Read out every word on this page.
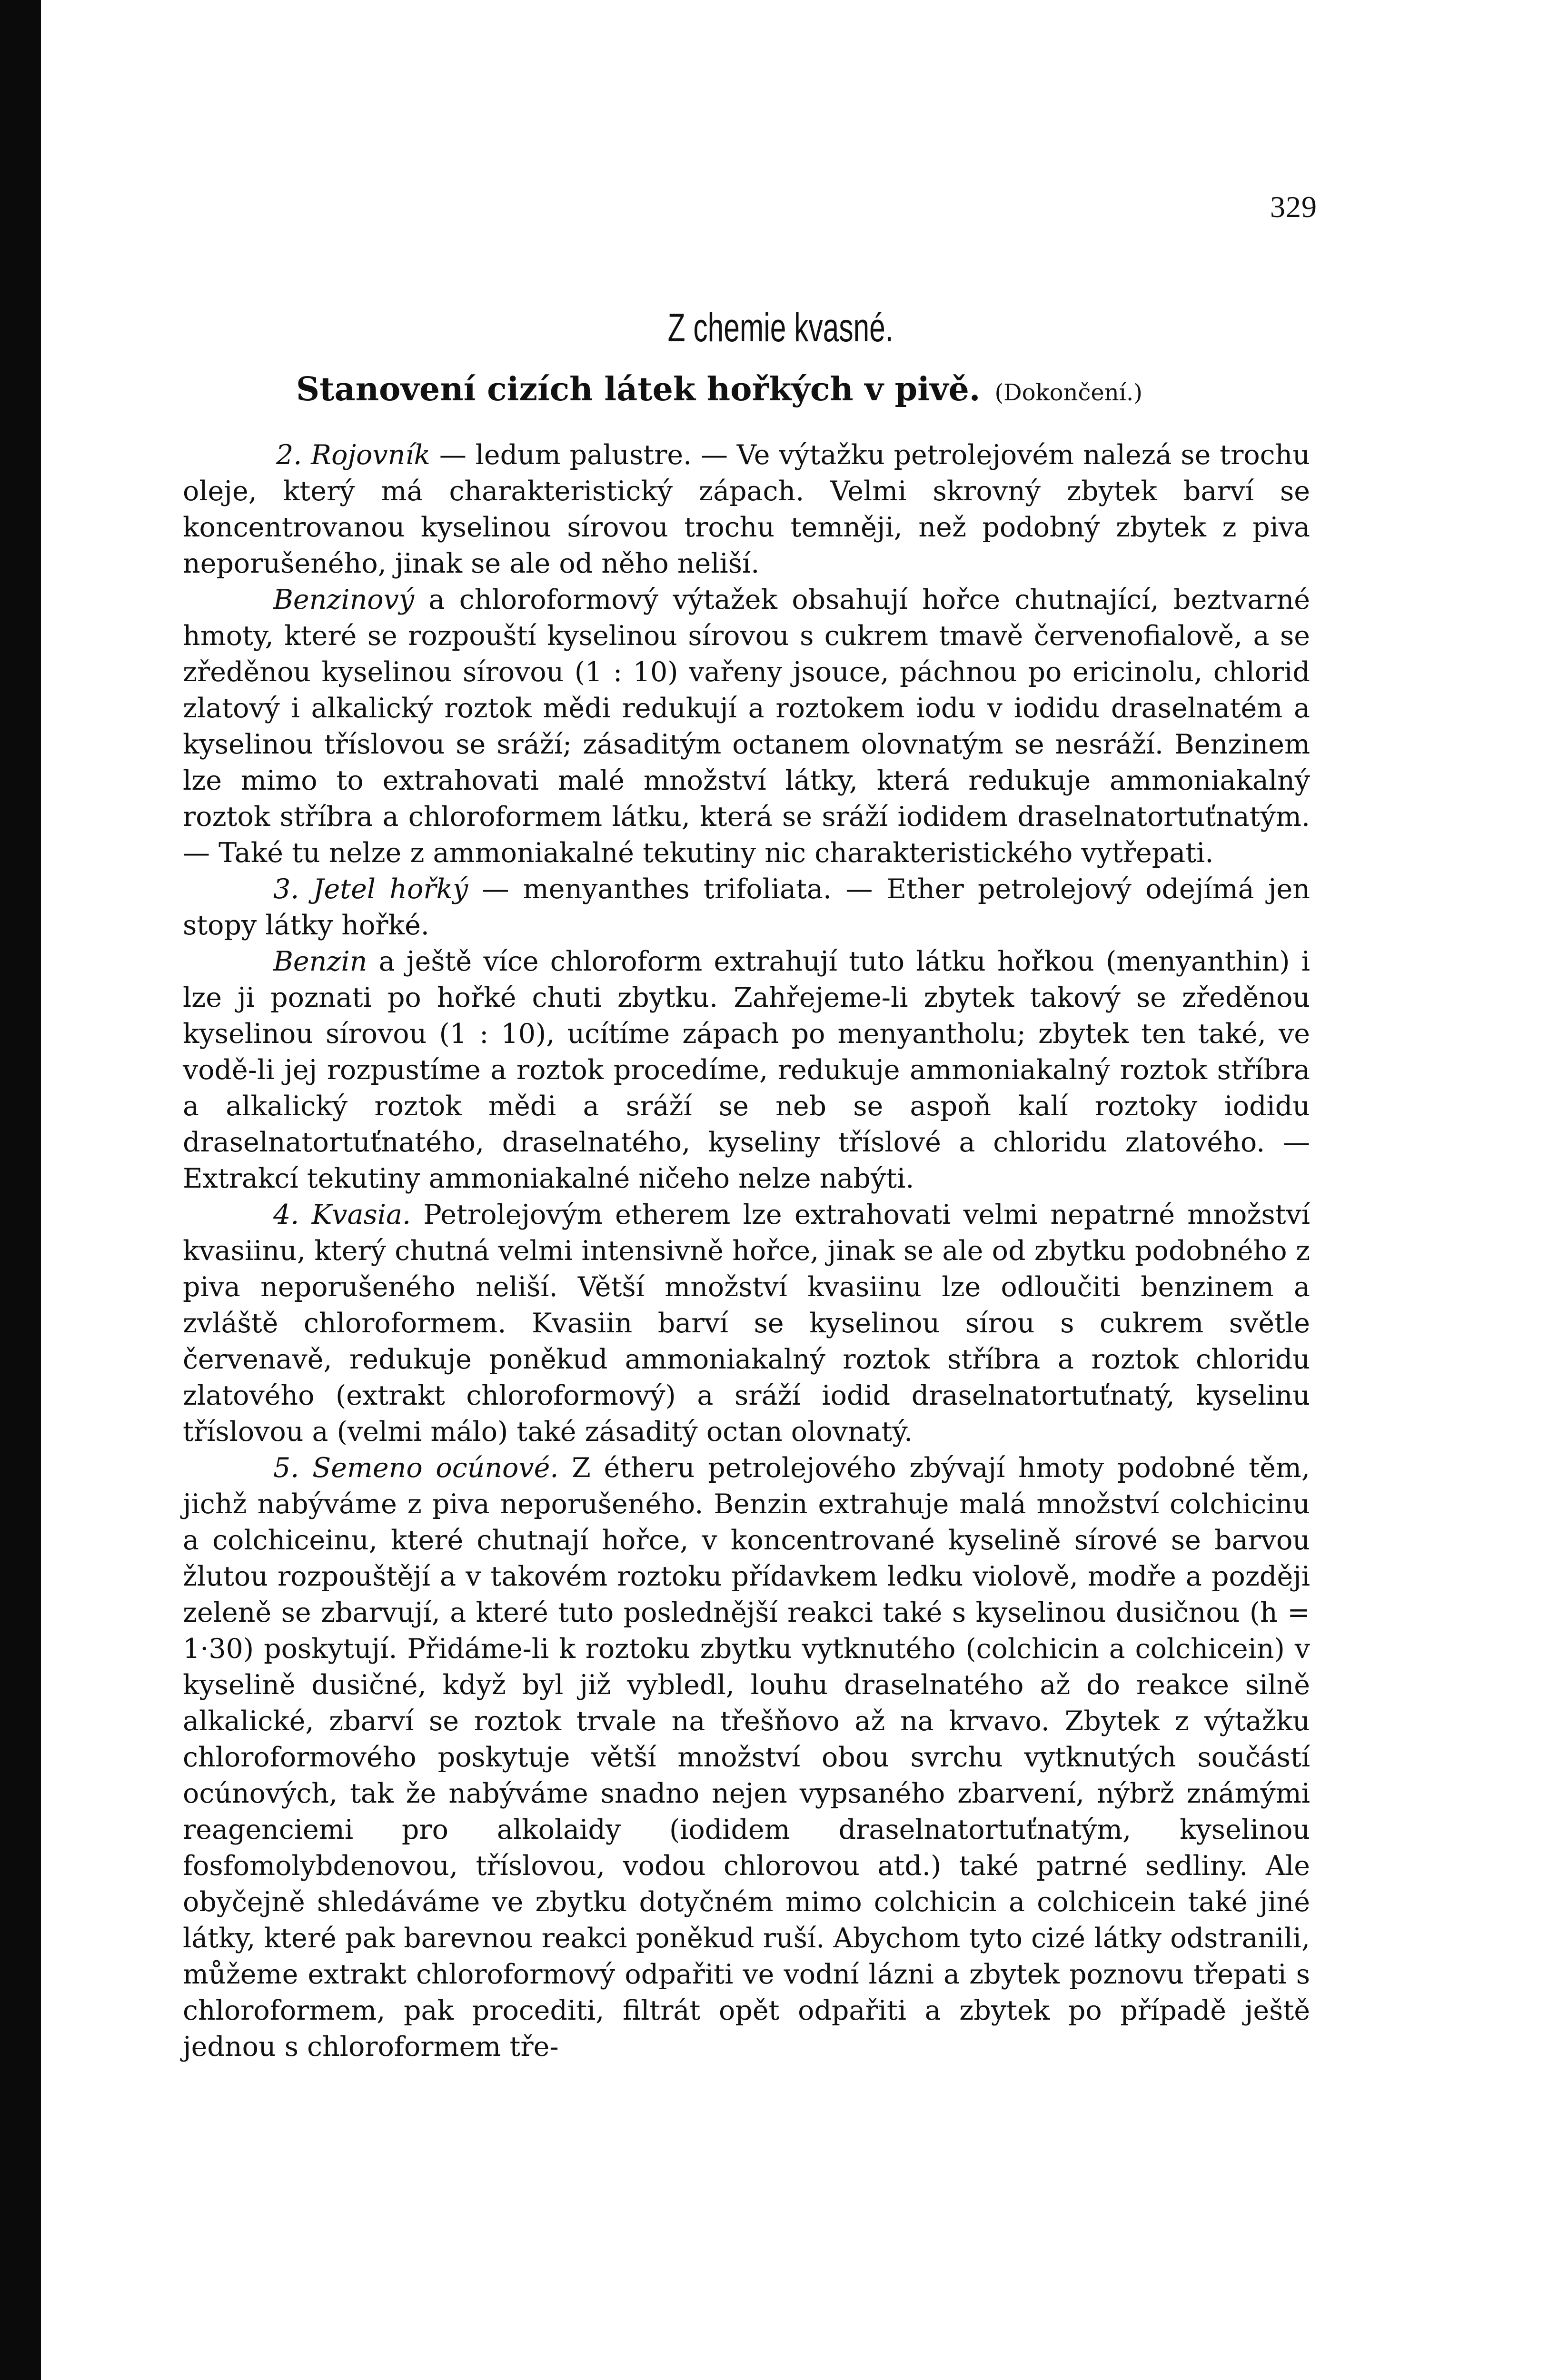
329
Z chemie kvasné.
Stanovení cizích látek hořkých v pivě. (Dokončení.)

2. Rojovník — ledum palustre. — Ve výtažku petrolejovém nalezá se trochu oleje, který má charakteristický zápach. Velmi skrovný zbytek barví se koncentrovanou kyselinou sírovou trochu temněji, než podobný zbytek z piva neporušeného, jinak se ale od něho neliší.

Benzinový a chloroformový výtažek obsahují hořce chutnající, beztvarné hmoty, které se rozpouští kyselinou sírovou s cukrem tmavě červenofialově, a se zředěnou kyselinou sírovou (1 : 10) vařeny jsouce, páchnou po ericinolu, chlorid zlatový i alkalický roztok mědi redukují a roztokem iodu v iodidu draselnatém a kyselinou tříslovou se sráží; zásaditým octanem olovnatým se nesráží. Benzinem lze mimo to extrahovati malé množství látky, která redukuje ammoniakalný roztok stříbra a chloroformem látku, která se sráží iodidem draselnatortuťnatým. — Také tu nelze z ammoniakalné tekutiny nic charakteristického vytřepati.

3. Jetel hořký — menyanthes trifoliata. — Ether petrolejový odejímá jen stopy látky hořké.

Benzin a ještě více chloroform extrahují tuto látku hořkou (menyanthin) i lze ji poznati po hořké chuti zbytku. Zahřejeme-li zbytek takový se zředěnou kyselinou sírovou (1 : 10), ucítíme zápach po menyantholu; zbytek ten také, ve vodě-li jej rozpustíme a roztok procedíme, redukuje ammoniakalný roztok stříbra a alkalický roztok mědi a sráží se neb se aspoň kalí roztoky iodidu draselnatortuťnatého, draselnatého, kyseliny tříslové a chloridu zlatového. — Extrakcí tekutiny ammoniakalné ničeho nelze nabýti.

4. Kvasia. Petrolejovým etherem lze extrahovati velmi nepatrné množství kvasiinu, který chutná velmi intensivně hořce, jinak se ale od zbytku podobného z piva neporušeného neliší. Větší množství kvasiinu lze odloučiti benzinem a zvláště chloroformem. Kvasiin barví se kyselinou sírou s cukrem světle červenavě, redukuje poněkud ammoniakalný roztok stříbra a roztok chloridu zlatového (extrakt chloroformový) a sráží iodid draselnatortuťnatý, kyselinu tříslovou a (velmi málo) také zásaditý octan olovnatý.

5. Semeno ocúnové. Z étheru petrolejového zbývají hmoty podobné těm, jichž nabýváme z piva neporušeného. Benzin extrahuje malá množství colchicinu a colchiceinu, které chutnají hořce, v koncentrované kyselině sírové se barvou žlutou rozpouštějí a v takovém roztoku přídavkem ledku violově, modře a později zeleně se zbarvují, a které tuto poslednější reakci také s kyselinou dusičnou (h = 1·30) poskytují. Přidáme-li k roztoku zbytku vytknutého (colchicin a colchicein) v kyselině dusičné, když byl již vybledl, louhu draselnatého až do reakce silně alkalické, zbarví se roztok trvale na třešňovo až na krvavo. Zbytek z výtažku chloroformového poskytuje větší množství obou svrchu vytknutých součástí ocúnových, tak že nabýváme snadno nejen vypsaného zbarvení, nýbrž známými reagenciemi pro alkolaidy (iodidem draselnatortuťnatým, kyselinou fosfomolybdenovou, tříslovou, vodou chlorovou atd.) také patrné sedliny. Ale obyčejně shledáváme ve zbytku dotyčném mimo colchicin a colchicein také jiné látky, které pak barevnou reakci poněkud ruší. Abychom tyto cizé látky odstranili, můžeme extrakt chloroformový odpařiti ve vodní lázni a zbytek poznovu třepati s chloroformem, pak procediti, filtrát opět odpařiti a zbytek po případě ještě jednou s chloroformem tře-
